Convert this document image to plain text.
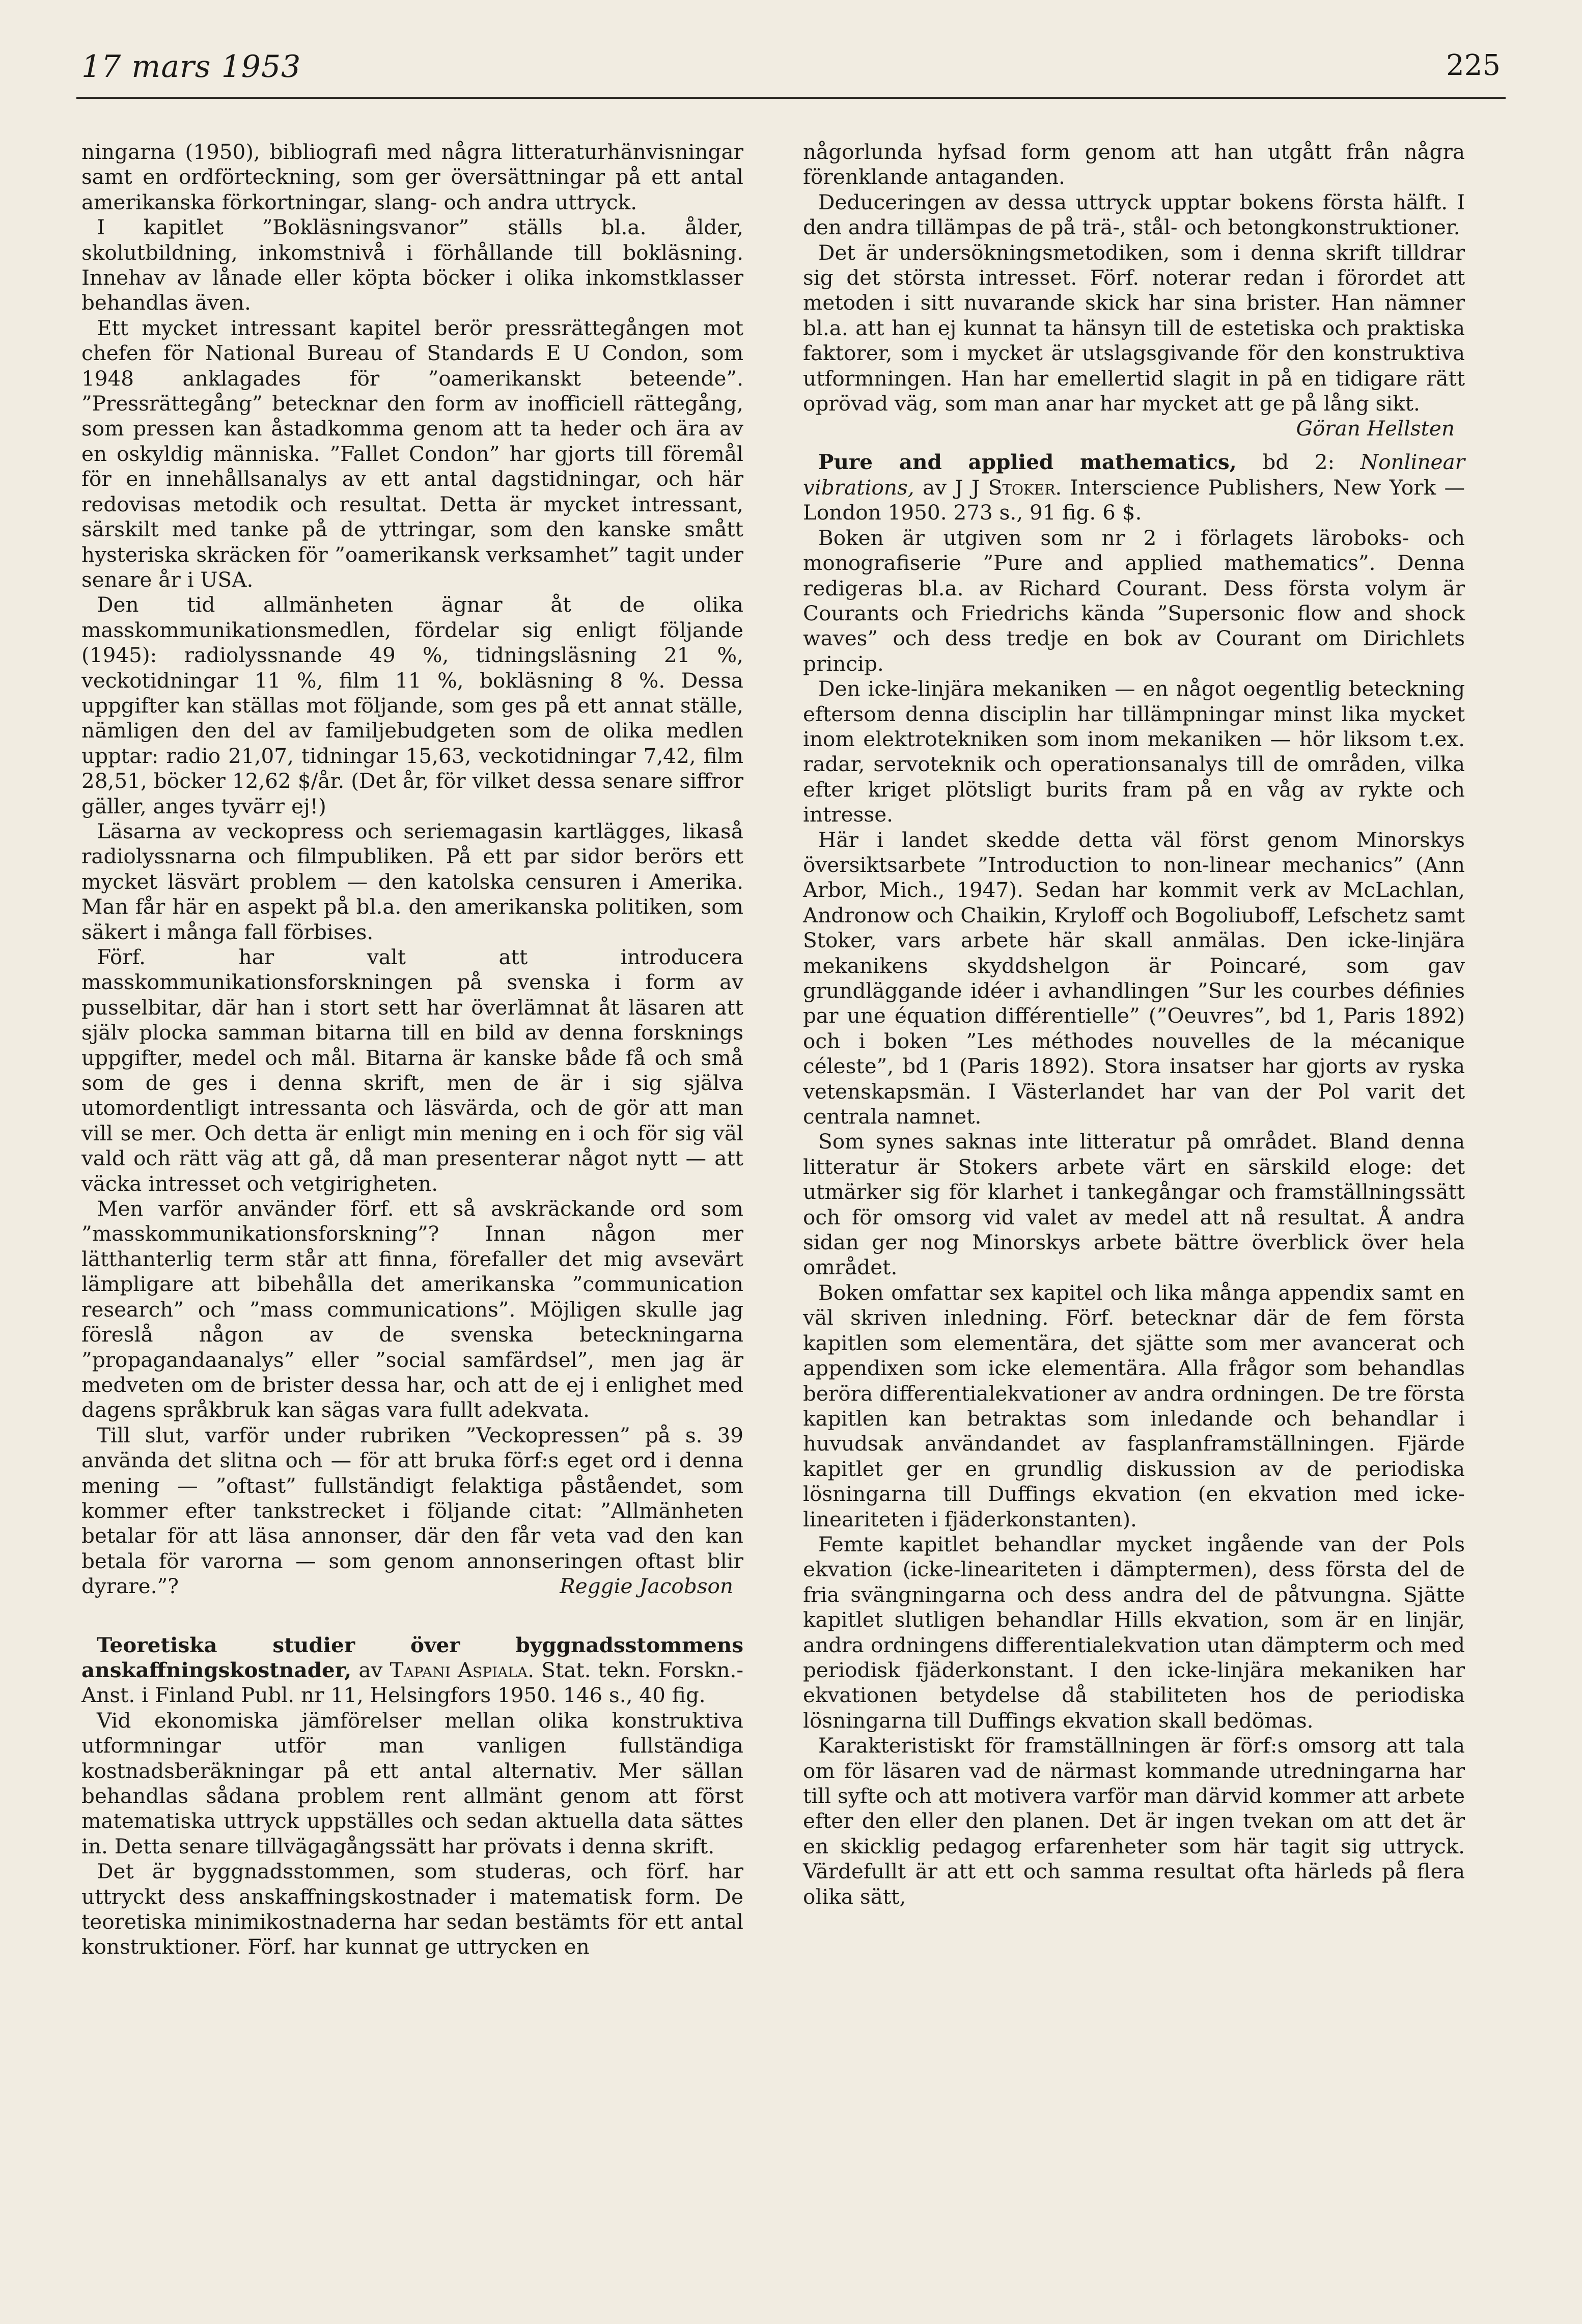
17 mars 1953	225

ningarna (1950), bibliografi med några litteraturhänvisningar samt en ordförteckning, som ger översättningar på ett antal amerikanska förkortningar, slang- och andra uttryck.

I kapitlet ”Bokläsningsvanor” ställs bl.a. ålder, skolutbildning, inkomstnivå i förhållande till bokläsning. Innehav av lånade eller köpta böcker i olika inkomstklasser behandlas även.

Ett mycket intressant kapitel berör pressrättegången mot chefen för National Bureau of Standards E U Condon, som 1948 anklagades för ”oamerikanskt beteende”. ”Pressrättegång” betecknar den form av inofficiell rättegång, som pressen kan åstadkomma genom att ta heder och ära av en oskyldig människa. ”Fallet Condon” har gjorts till föremål för en innehållsanalys av ett antal dagstidningar, och här redovisas metodik och resultat. Detta är mycket intressant, särskilt med tanke på de yttringar, som den kanske smått hysteriska skräcken för ”oamerikansk verksamhet” tagit under senare år i USA.

Den tid allmänheten ägnar åt de olika masskommunikationsmedlen, fördelar sig enligt följande (1945): radiolyssnande 49 %, tidningsläsning 21 %, veckotidningar 11 %, film 11 %, bokläsning 8 %. Dessa uppgifter kan ställas mot följande, som ges på ett annat ställe, nämligen den del av familjebudgeten som de olika medlen upptar: radio 21,07, tidningar 15,63, veckotidningar 7,42, film 28,51, böcker 12,62 $/år. (Det år, för vilket dessa senare siffror gäller, anges tyvärr ej!)

Läsarna av veckopress och seriemagasin kartlägges, likaså radiolyssnarna och filmpubliken. På ett par sidor berörs ett mycket läsvärt problem — den katolska censuren i Amerika. Man får här en aspekt på bl.a. den amerikanska politiken, som säkert i många fall förbises.

Förf. har valt att introducera masskommunikationsforskningen på svenska i form av pusselbitar, där han i stort sett har överlämnat åt läsaren att själv plocka samman bitarna till en bild av denna forsknings uppgifter, medel och mål. Bitarna är kanske både få och små som de ges i denna skrift, men de är i sig själva utomordentligt intressanta och läsvärda, och de gör att man vill se mer. Och detta är enligt min mening en i och för sig väl vald och rätt väg att gå, då man presenterar något nytt — att väcka intresset och vetgirigheten.

Men varför använder förf. ett så avskräckande ord som ”masskommunikationsforskning”? Innan någon mer lätthanterlig term står att finna, förefaller det mig avsevärt lämpligare att bibehålla det amerikanska ”communication research” och ”mass communications”. Möjligen skulle jag föreslå någon av de svenska beteckningarna ”propagandaanalys” eller ”social samfärdsel”, men jag är medveten om de brister dessa har, och att de ej i enlighet med dagens språkbruk kan sägas vara fullt adekvata.

Till slut, varför under rubriken ”Veckopressen” på s. 39 använda det slitna och — för att bruka förf:s eget ord i denna mening — ”oftast” fullständigt felaktiga påståendet, som kommer efter tankstrecket i följande citat: ”Allmänheten betalar för att läsa annonser, där den får veta vad den kan betala för varorna — som genom annonseringen oftast blir dyrare.”?	Reggie Jacobson

Teoretiska studier över byggnadsstommens anskaffningskostnader, av Tapani Aspiala. Stat. tekn. Forskn.-Anst. i Finland Publ. nr 11, Helsingfors 1950. 146 s., 40 fig.

Vid ekonomiska jämförelser mellan olika konstruktiva utformningar utför man vanligen fullständiga kostnadsberäkningar på ett antal alternativ. Mer sällan behandlas sådana problem rent allmänt genom att först matematiska uttryck uppställes och sedan aktuella data sättes in. Detta senare tillvägagångssätt har prövats i denna skrift.

Det är byggnadsstommen, som studeras, och förf. har uttryckt dess anskaffningskostnader i matematisk form. De teoretiska minimikostnaderna har sedan bestämts för ett antal konstruktioner. Förf. har kunnat ge uttrycken en

någorlunda hyfsad form genom att han utgått från några förenklande antaganden.

Deduceringen av dessa uttryck upptar bokens första hälft. I den andra tillämpas de på trä-, stål- och betongkonstruktioner.

Det är undersökningsmetodiken, som i denna skrift tilldrar sig det största intresset. Förf. noterar redan i förordet att metoden i sitt nuvarande skick har sina brister. Han nämner bl.a. att han ej kunnat ta hänsyn till de estetiska och praktiska faktorer, som i mycket är utslagsgivande för den konstruktiva utformningen. Han har emellertid slagit in på en tidigare rätt oprövad väg, som man anar har mycket att ge på lång sikt.
Göran Hellsten

Pure and applied mathematics, bd 2: Nonlinear vibrations, av J J Stoker. Interscience Publishers, New York — London 1950. 273 s., 91 fig. 6 $.

Boken är utgiven som nr 2 i förlagets läroboks- och monografiserie ”Pure and applied mathematics”. Denna redigeras bl.a. av Richard Courant. Dess första volym är Courants och Friedrichs kända ”Supersonic flow and shock waves” och dess tredje en bok av Courant om Dirichlets princip.

Den icke-linjära mekaniken — en något oegentlig beteckning eftersom denna disciplin har tillämpningar minst lika mycket inom elektrotekniken som inom mekaniken — hör liksom t.ex. radar, servoteknik och operationsanalys till de områden, vilka efter kriget plötsligt burits fram på en våg av rykte och intresse.

Här i landet skedde detta väl först genom Minorskys översiktsarbete ”Introduction to non-linear mechanics” (Ann Arbor, Mich., 1947). Sedan har kommit verk av McLachlan, Andronow och Chaikin, Kryloff och Bogoliuboff, Lefschetz samt Stoker, vars arbete här skall anmälas. Den icke-linjära mekanikens skyddshelgon är Poincaré, som gav grundläggande idéer i avhandlingen ”Sur les courbes définies par une équation différentielle” (”Oeuvres”, bd 1, Paris 1892) och i boken ”Les méthodes nouvelles de la mécanique céleste”, bd 1 (Paris 1892). Stora insatser har gjorts av ryska vetenskapsmän. I Västerlandet har van der Pol varit det centrala namnet.

Som synes saknas inte litteratur på området. Bland denna litteratur är Stokers arbete värt en särskild eloge: det utmärker sig för klarhet i tankegångar och framställningssätt och för omsorg vid valet av medel att nå resultat. Å andra sidan ger nog Minorskys arbete bättre överblick över hela området.

Boken omfattar sex kapitel och lika många appendix samt en väl skriven inledning. Förf. betecknar där de fem första kapitlen som elementära, det sjätte som mer avancerat och appendixen som icke elementära. Alla frågor som behandlas beröra differentialekvationer av andra ordningen. De tre första kapitlen kan betraktas som inledande och behandlar i huvudsak användandet av fasplanframställningen. Fjärde kapitlet ger en grundlig diskussion av de periodiska lösningarna till Duffings ekvation (en ekvation med icke-lineariteten i fjäderkonstanten).

Femte kapitlet behandlar mycket ingående van der Pols ekvation (icke-lineariteten i dämptermen), dess första del de fria svängningarna och dess andra del de påtvungna. Sjätte kapitlet slutligen behandlar Hills ekvation, som är en linjär, andra ordningens differentialekvation utan dämpterm och med periodisk fjäderkonstant. I den icke-linjära mekaniken har ekvationen betydelse då stabiliteten hos de periodiska lösningarna till Duffings ekvation skall bedömas.

Karakteristiskt för framställningen är förf:s omsorg att tala om för läsaren vad de närmast kommande utredningarna har till syfte och att motivera varför man därvid kommer att arbete efter den eller den planen. Det är ingen tvekan om att det är en skicklig pedagog erfarenheter som här tagit sig uttryck. Värdefullt är att ett och samma resultat ofta härleds på flera olika sätt,
